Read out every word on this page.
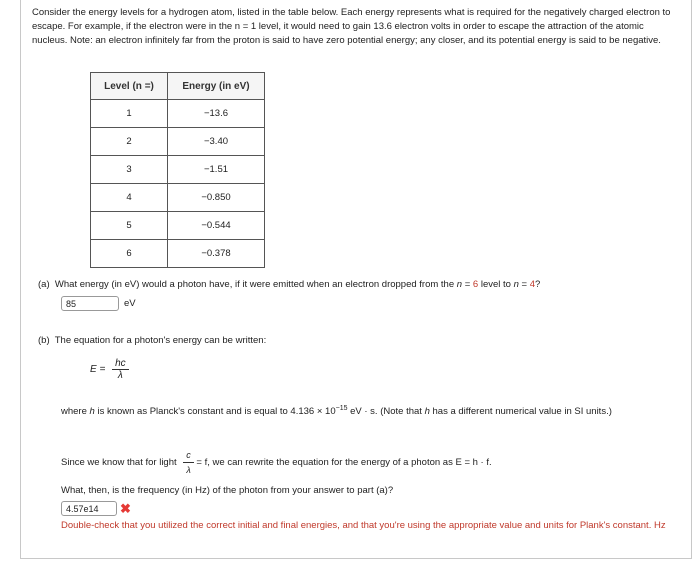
Consider the energy levels for a hydrogen atom, listed in the table below. Each energy represents what is required for the negatively charged electron to escape. For example, if the electron were in the n = 1 level, it would need to gain 13.6 electron volts in order to escape the attraction of the atomic nucleus. Note: an electron infinitely far from the proton is said to have zero potential energy; any closer, and its potential energy is said to be negative.

Level (n =)	Energy (in eV)
1	−13.6
2	−3.40
3	−1.51
4	−0.850
5	−0.544
6	−0.378
(a) What energy (in eV) would a photon have, if it were emitted when an electron dropped from the n = 6 level to n = 4?
85	eV
(b) The equation for a photon's energy can be written:
$E = \frac{hc}{\lambda}$
where h is known as Planck's constant and is equal to $4.136 \times 10^{-15}$ eV · s. (Note that h has a different numerical value in SI units.)
Since we know that for light $\frac{c}{\lambda} = f$, we can rewrite the equation for the energy of a photon as E = h · f.
What, then, is the frequency (in Hz) of the photon from your answer to part (a)?
4.57e14	✖
Double-check that you utilized the correct initial and final energies, and that you're using the appropriate value and units for Plank's constant. Hz
